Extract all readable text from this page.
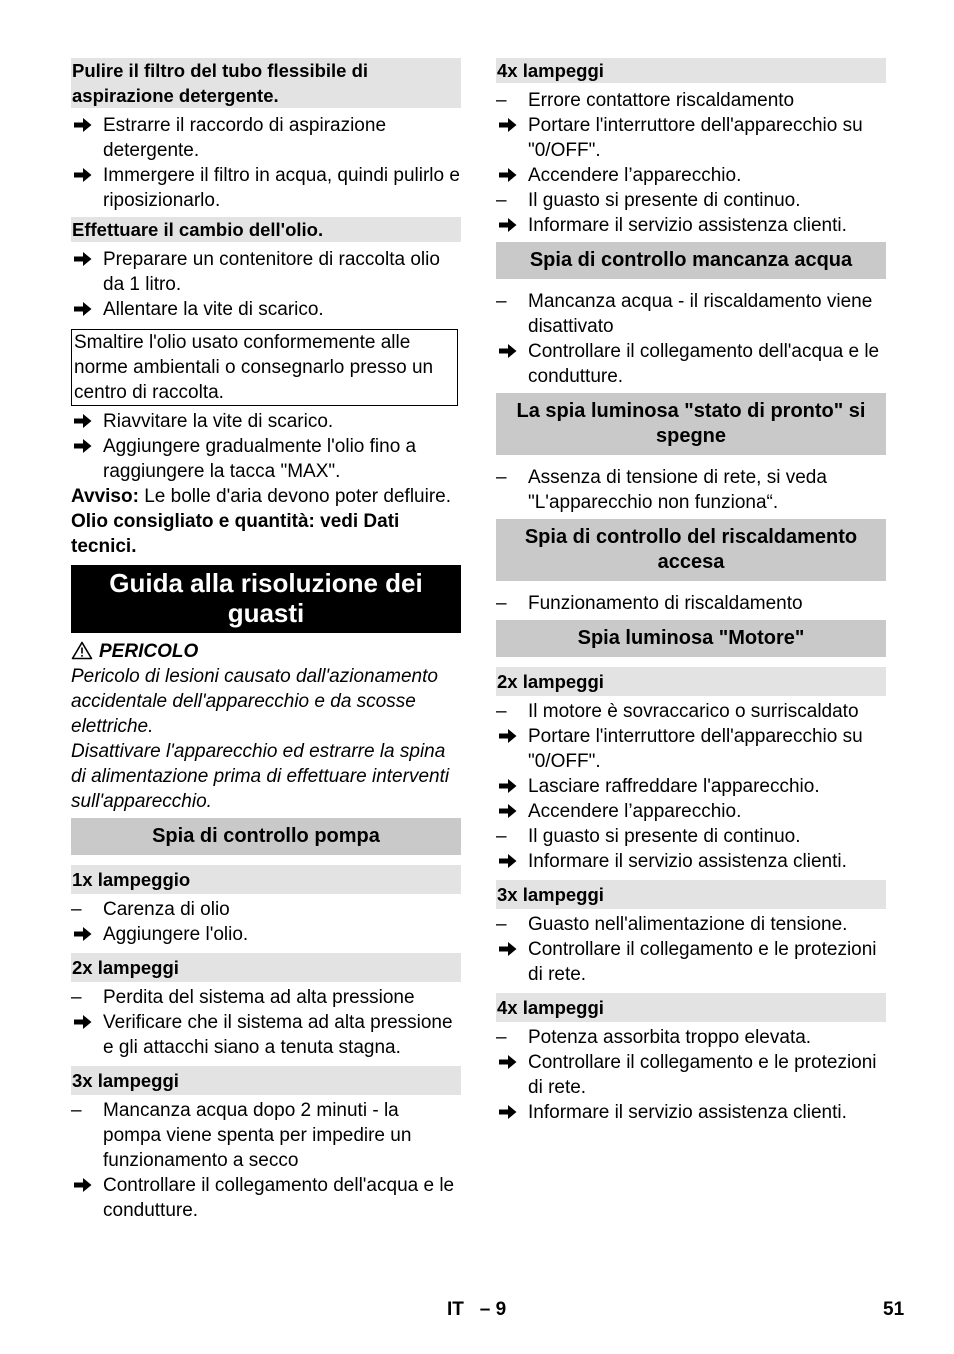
Pulire il filtro del tubo flessibile di aspirazione detergente.
Estrarre il raccordo di aspirazione detergente.
Immergere il filtro in acqua, quindi pulirlo e riposizionarlo.
Effettuare il cambio dell'olio.
Preparare un contenitore di raccolta olio da 1 litro.
Allentare la vite di scarico.
Smaltire l'olio usato conformemente alle norme ambientali o consegnarlo presso un centro di raccolta.
Riavvitare la vite di scarico.
Aggiungere gradualmente l'olio fino a raggiungere la tacca "MAX".

Avviso: Le bolle d'aria devono poter defluire.

Olio consigliato e quantità: vedi Dati tecnici.

Guida alla risoluzione dei guasti

PERICOLO

Pericolo di lesioni causato dall'azionamento accidentale dell'apparecchio e da scosse elettriche.

Disattivare l'apparecchio ed estrarre la spina di alimentazione prima di effettuare interventi sull'apparecchio.

Spia di controllo pompa
1x lampeggio
–	Carenza di olio
Aggiungere l'olio.
2x lampeggi
–	Perdita del sistema ad alta pressione
Verificare che il sistema ad alta pressione e gli attacchi siano a tenuta stagna.
3x lampeggi
–	Mancanza acqua dopo 2 minuti - la pompa viene spenta per impedire un funzionamento a secco
Controllare il collegamento dell'acqua e le condutture.
4x lampeggi
–	Errore contattore riscaldamento
Portare l'interruttore dell'apparecchio su "0/OFF".
Accendere l’apparecchio.
–	Il guasto si presente di continuo.
Informare il servizio assistenza clienti.
Spia di controllo mancanza acqua
–	Mancanza acqua - il riscaldamento viene disattivato
Controllare il collegamento dell'acqua e le condutture.
La spia luminosa "stato di pronto" si spegne
–	Assenza di tensione di rete, si veda "L'apparecchio non funziona“.
Spia di controllo del riscaldamento accesa
–	Funzionamento di riscaldamento
Spia luminosa "Motore"
2x lampeggi
–	Il motore è sovraccarico o surriscaldato
Portare l'interruttore dell'apparecchio su "0/OFF".
Lasciare raffreddare l'apparecchio.
Accendere l’apparecchio.
–	Il guasto si presente di continuo.
Informare il servizio assistenza clienti.
3x lampeggi
–	Guasto nell'alimentazione di tensione.
Controllare il collegamento e le protezioni di rete.
4x lampeggi
–	Potenza assorbita troppo elevata.
Controllare il collegamento e le protezioni di rete.
Informare il servizio assistenza clienti.
IT   – 9	51
